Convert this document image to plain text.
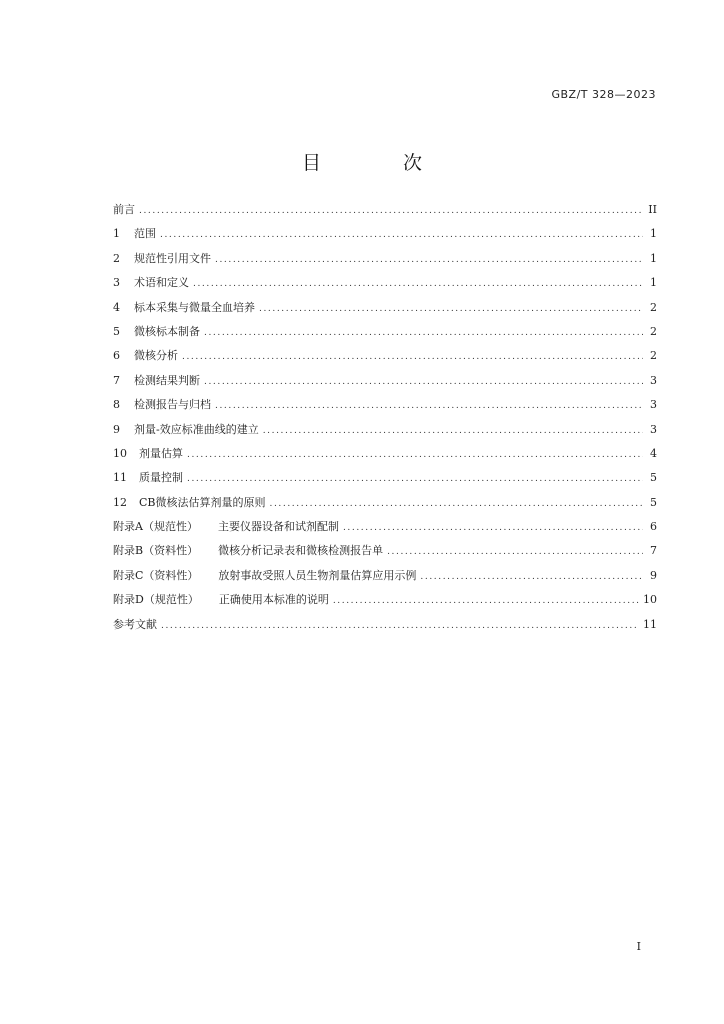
GBZ/T 328—2023
目 次
前言 .....	II
1 范围 .....	1
2 规范性引用文件 .....	1
3 术语和定义 .....	1
4 标本采集与微量全血培养 .....	2
5 微核标本制备 .....	2
6 微核分析 .....	2
7 检测结果判断 .....	3
8 检测报告与归档 .....	3
9 剂量-效应标准曲线的建立 .....	3
10 剂量估算 .....	4
11 质量控制 .....	5
12 CB微核法估算剂量的原则 .....	5
附录A（规范性） 主要仪器设备和试剂配制 .....	6
附录B（资料性） 微核分析记录表和微核检测报告单 .....	7
附录C（资料性） 放射事故受照人员生物剂量估算应用示例 .....	9
附录D（规范性） 正确使用本标准的说明 .....	10
参考文献 .....	11
I
